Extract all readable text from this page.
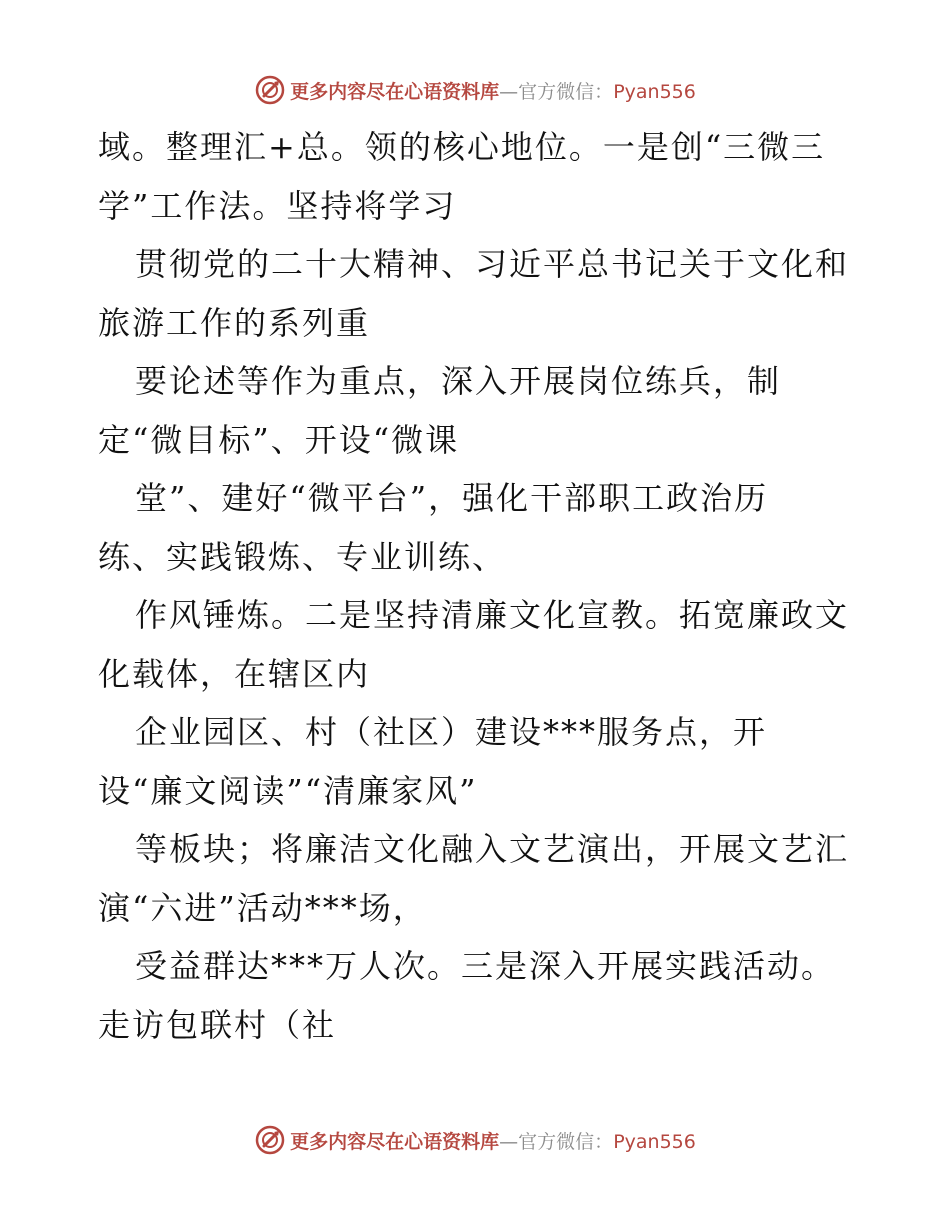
更多内容尽在心语资料库—官方微信：Pyan556
域。整理汇+总。领的核心地位。一是创“三微三
学”工作法。坚持将学习
贯彻党的二十大精神、习近平总书记关于文化和
旅游工作的系列重
要论述等作为重点，深入开展岗位练兵，制
定“微目标”、开设“微课
堂”、建好“微平台”，强化干部职工政治历
练、实践锻炼、专业训练、
作风锤炼。二是坚持清廉文化宣教。拓宽廉政文
化载体，在辖区内
企业园区、村（社区）建设***服务点，开
设“廉文阅读”“清廉家风”
等板块；将廉洁文化融入文艺演出，开展文艺汇
演“六进”活动***场，
受益群达***万人次。三是深入开展实践活动。
走访包联村（社
更多内容尽在心语资料库—官方微信：Pyan556
